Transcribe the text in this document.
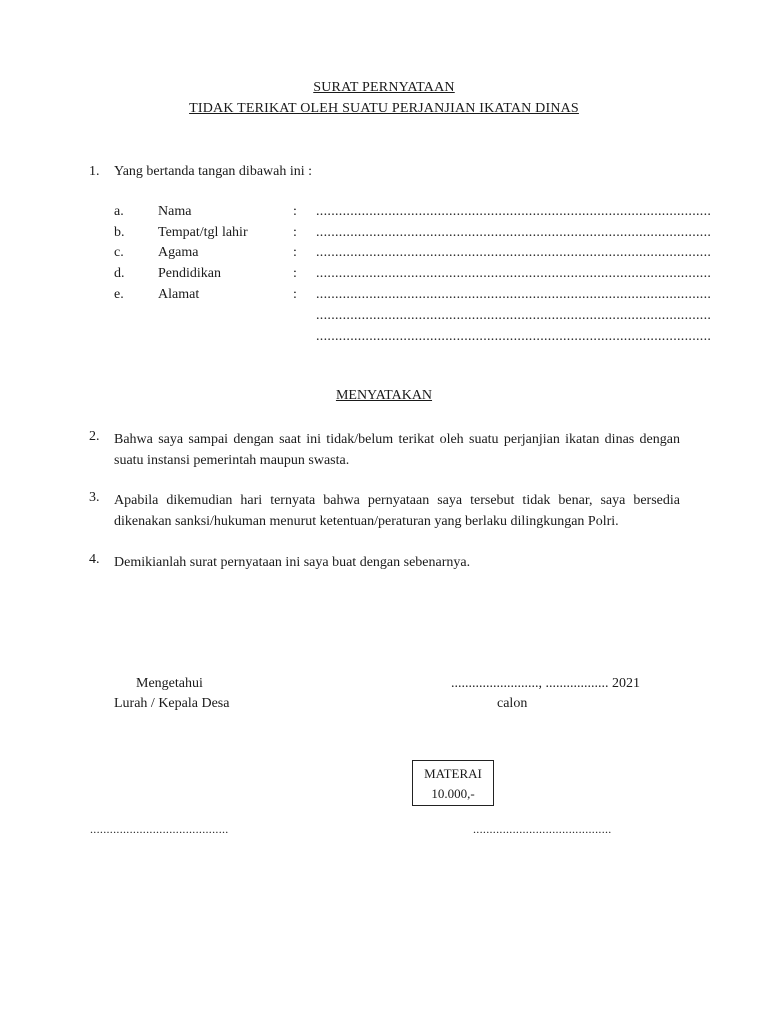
SURAT PERNYATAAN
TIDAK TERIKAT OLEH SUATU PERJANJIAN IKATAN DINAS
1. Yang bertanda tangan dibawah ini :
a. Nama	: ........................................................................................................
b. Tempat/tgl lahir	: ........................................................................................................
c. Agama	: ........................................................................................................
d. Pendidikan	: ........................................................................................................
e. Alamat	: ........................................................................................................
........................................................................................................
........................................................................................................
MENYATAKAN
2. Bahwa saya sampai dengan saat ini tidak/belum terikat oleh suatu perjanjian ikatan dinas dengan suatu instansi pemerintah maupun swasta.
3. Apabila dikemudian hari ternyata bahwa pernyataan saya tersebut tidak benar, saya bersedia dikenakan sanksi/hukuman menurut ketentuan/peraturan yang berlaku dilingkungan Polri.
4. Demikianlah surat pernyataan ini saya buat dengan sebenarnya.
Mengetahui
Lurah / Kepala Desa
........................., .................. 2021
calon
MATERAI
10.000,-
..........................................	..........................................
